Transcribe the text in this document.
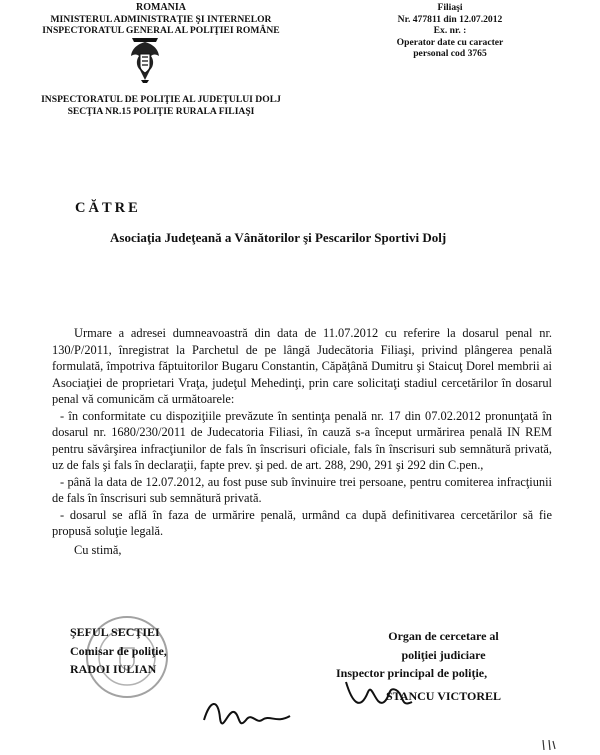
ROMANIA
MINISTERUL ADMINISTRAŢIE ŞI INTERNELOR
INSPECTORATUL GENERAL AL POLIŢIEI ROMÂNE
INSPECTORATUL DE POLIŢIE AL JUDEŢULUI DOLJ
SECŢIA NR.15 POLIŢIE RURALA FILIAŞI
Filiaşi
Nr. 477811 din 12.07.2012
Ex. nr. :
Operator date cu caracter
personal cod 3765
CĂTRE
Asociaţia Judeţeană a Vânătorilor şi Pescarilor Sportivi Dolj

Urmare a adresei dumneavoastră din data de 11.07.2012 cu referire la dosarul penal nr. 130/P/2011, înregistrat la Parchetul de pe lângă Judecătoria Filiaşi, privind plângerea penală formulată, împotriva făptuitorilor Bugaru Constantin, Căpăţână Dumitru şi Staicuţ Dorel membrii ai Asociaţiei de proprietari Vraţa, judeţul Mehedinţi, prin care solicitaţi stadiul cercetărilor în dosarul penal vă comunicăm că următoarele:

- în conformitate cu dispoziţiile prevăzute în sentinţa penală nr. 17 din 07.02.2012 pronunţată în dosarul nr. 1680/230/2011 de Judecatoria Filiasi, în cauză s-a început urmărirea penală IN REM pentru săvârşirea infracţiunilor de fals în înscrisuri oficiale, fals în înscrisuri sub semnătură privată, uz de fals şi fals în declaraţii, fapte prev. şi ped. de art. 288, 290, 291 şi 292 din C.pen.,

- până la data de 12.07.2012, au fost puse sub învinuire trei persoane, pentru comiterea infracţiunii de fals în înscrisuri sub semnătură privată.

- dosarul se află în faza de urmărire penală, urmând ca după definitivarea cercetărilor să fie propusă soluţie legală.

Cu stimă,

ŞEFUL SECŢIEI
Comisar de poliţie,
RADOI IULIAN
Organ de cercetare al
poliţiei judiciare
Inspector principal de poliţie,
STANCU VICTOREL
